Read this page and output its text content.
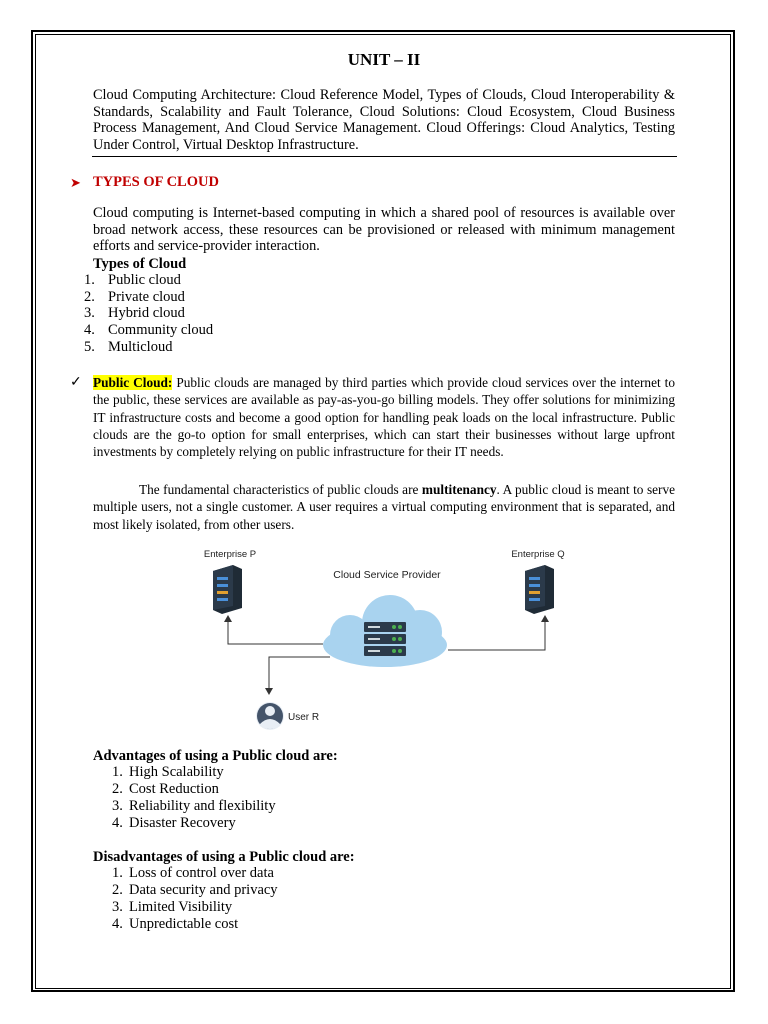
UNIT – II
Cloud Computing Architecture: Cloud Reference Model, Types of Clouds, Cloud Interoperability & Standards, Scalability and Fault Tolerance, Cloud Solutions: Cloud Ecosystem, Cloud Business Process Management, And Cloud Service Management. Cloud Offerings: Cloud Analytics, Testing Under Control, Virtual Desktop Infrastructure.
➤ TYPES OF CLOUD
Cloud computing is Internet-based computing in which a shared pool of resources is available over broad network access, these resources can be provisioned or released with minimum management efforts and service-provider interaction.
Types of Cloud
1. Public cloud
2. Private cloud
3. Hybrid cloud
4. Community cloud
5. Multicloud
✓ Public Cloud: Public clouds are managed by third parties which provide cloud services over the internet to the public, these services are available as pay-as-you-go billing models. They offer solutions for minimizing IT infrastructure costs and become a good option for handling peak loads on the local infrastructure. Public clouds are the go-to option for small enterprises, which can start their businesses without large upfront investments by completely relying on public infrastructure for their IT needs.
The fundamental characteristics of public clouds are multitenancy. A public cloud is meant to serve multiple users, not a single customer. A user requires a virtual computing environment that is separated, and most likely isolated, from other users.
Enterprise P	Enterprise Q
Cloud Service Provider
User R
Advantages of using a Public cloud are:
1. High Scalability
2. Cost Reduction
3. Reliability and flexibility
4. Disaster Recovery
Disadvantages of using a Public cloud are:
1. Loss of control over data
2. Data security and privacy
3. Limited Visibility
4. Unpredictable cost
